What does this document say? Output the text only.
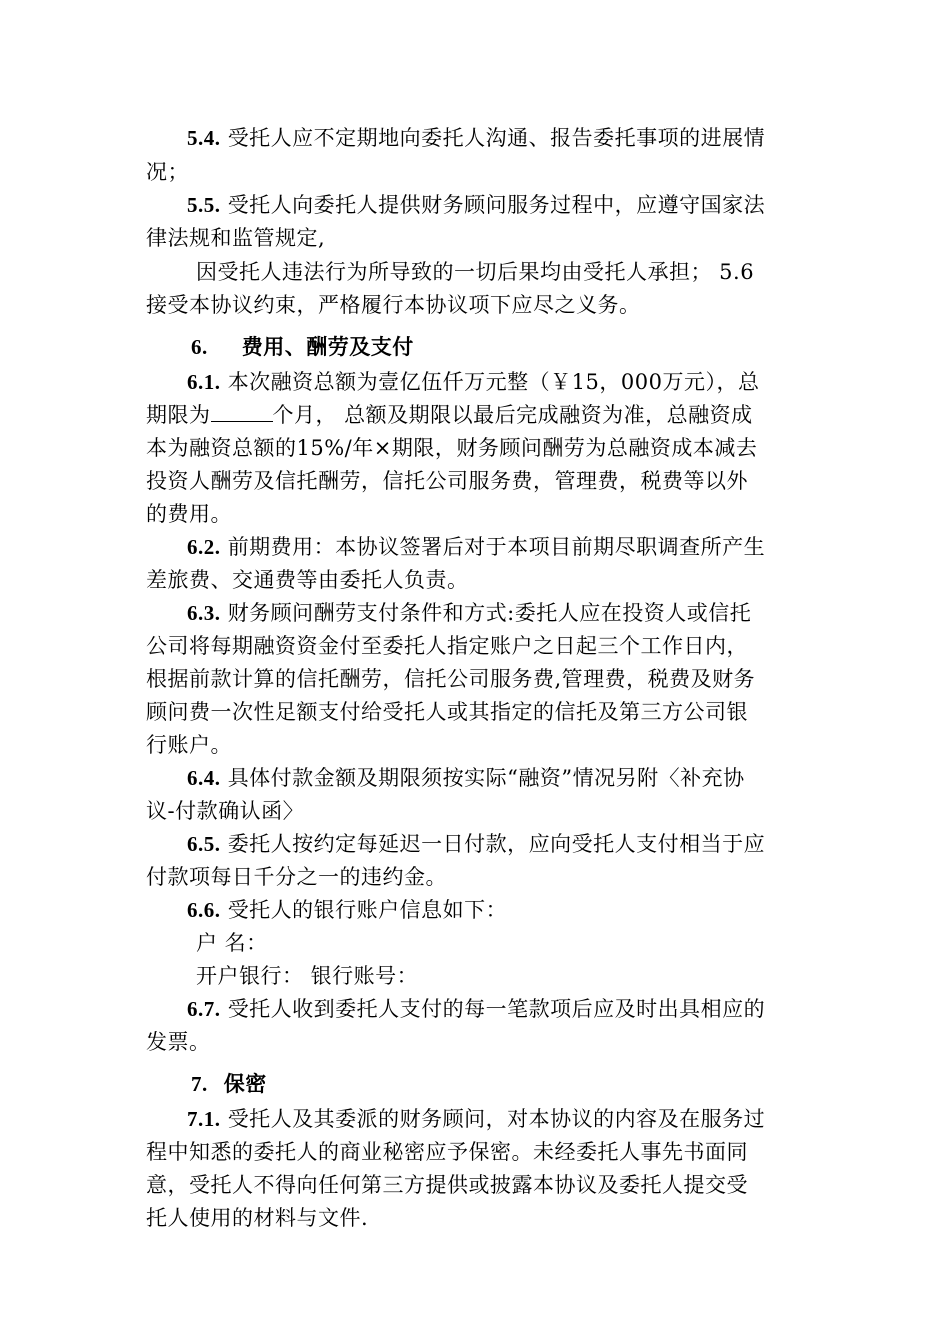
5.4. 受托人应不定期地向委托人沟通、报告委托事项的进展情
况；
5.5. 受托人向委托人提供财务顾问服务过程中，应遵守国家法
律法规和监管规定,
因受托人违法行为所导致的一切后果均由受托人承担； 5.6
接受本协议约束，严格履行本协议项下应尽之义务。
6. 费用、酬劳及支付
6.1. 本次融资总额为壹亿伍仟万元整（￥15，000万元），总
期限为	个月， 总额及期限以最后完成融资为准，总融资成
本为融资总额的15%/年×期限，财务顾问酬劳为总融资成本减去
投资人酬劳及信托酬劳，信托公司服务费，管理费，税费等以外
的费用。
6.2. 前期费用：本协议签署后对于本项目前期尽职调查所产生
差旅费、交通费等由委托人负责。
6.3. 财务顾问酬劳支付条件和方式:委托人应在投资人或信托
公司将每期融资资金付至委托人指定账户之日起三个工作日内，
根据前款计算的信托酬劳，信托公司服务费,管理费，税费及财务
顾问费一次性足额支付给受托人或其指定的信托及第三方公司银
行账户。
6.4. 具体付款金额及期限须按实际“融资”情况另附〈补充协
议-付款确认函〉
6.5. 委托人按约定每延迟一日付款，应向受托人支付相当于应
付款项每日千分之一的违约金。
6.6. 受托人的银行账户信息如下：
户 名：
开户银行： 银行账号：
6.7. 受托人收到委托人支付的每一笔款项后应及时出具相应的
发票。
7. 保密
7.1. 受托人及其委派的财务顾问，对本协议的内容及在服务过
程中知悉的委托人的商业秘密应予保密。未经委托人事先书面同
意，受托人不得向任何第三方提供或披露本协议及委托人提交受
托人使用的材料与文件.
